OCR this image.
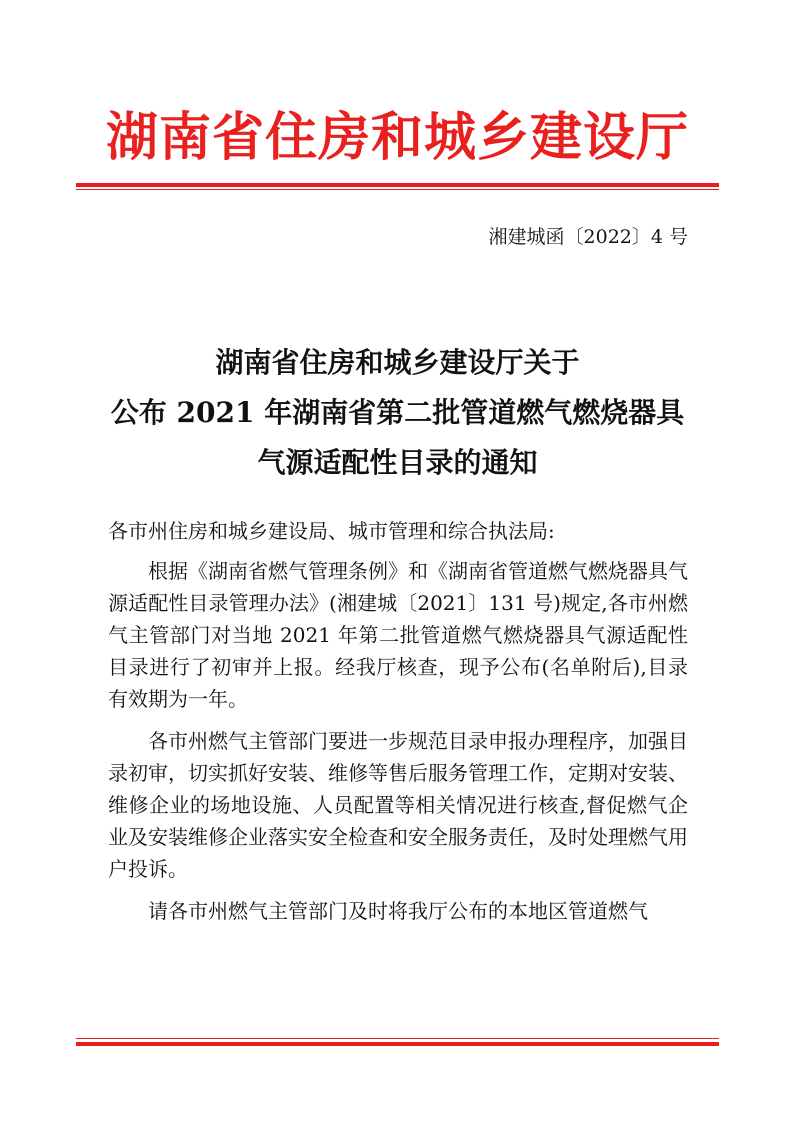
湖南省住房和城乡建设厅
湘建城函〔2022〕4 号
湖南省住房和城乡建设厅关于
公布 2021 年湖南省第二批管道燃气燃烧器具
气源适配性目录的通知

各市州住房和城乡建设局、城市管理和综合执法局:

根据《湖南省燃气管理条例》和《湖南省管道燃气燃烧器具气源适配性目录管理办法》(湘建城〔2021〕131 号)规定,各市州燃气主管部门对当地 2021 年第二批管道燃气燃烧器具气源适配性目录进行了初审并上报。经我厅核查，现予公布(名单附后),目录有效期为一年。

各市州燃气主管部门要进一步规范目录申报办理程序，加强目录初审，切实抓好安装、维修等售后服务管理工作，定期对安装、维修企业的场地设施、人员配置等相关情况进行核查,督促燃气企业及安装维修企业落实安全检查和安全服务责任，及时处理燃气用户投诉。

请各市州燃气主管部门及时将我厅公布的本地区管道燃气
